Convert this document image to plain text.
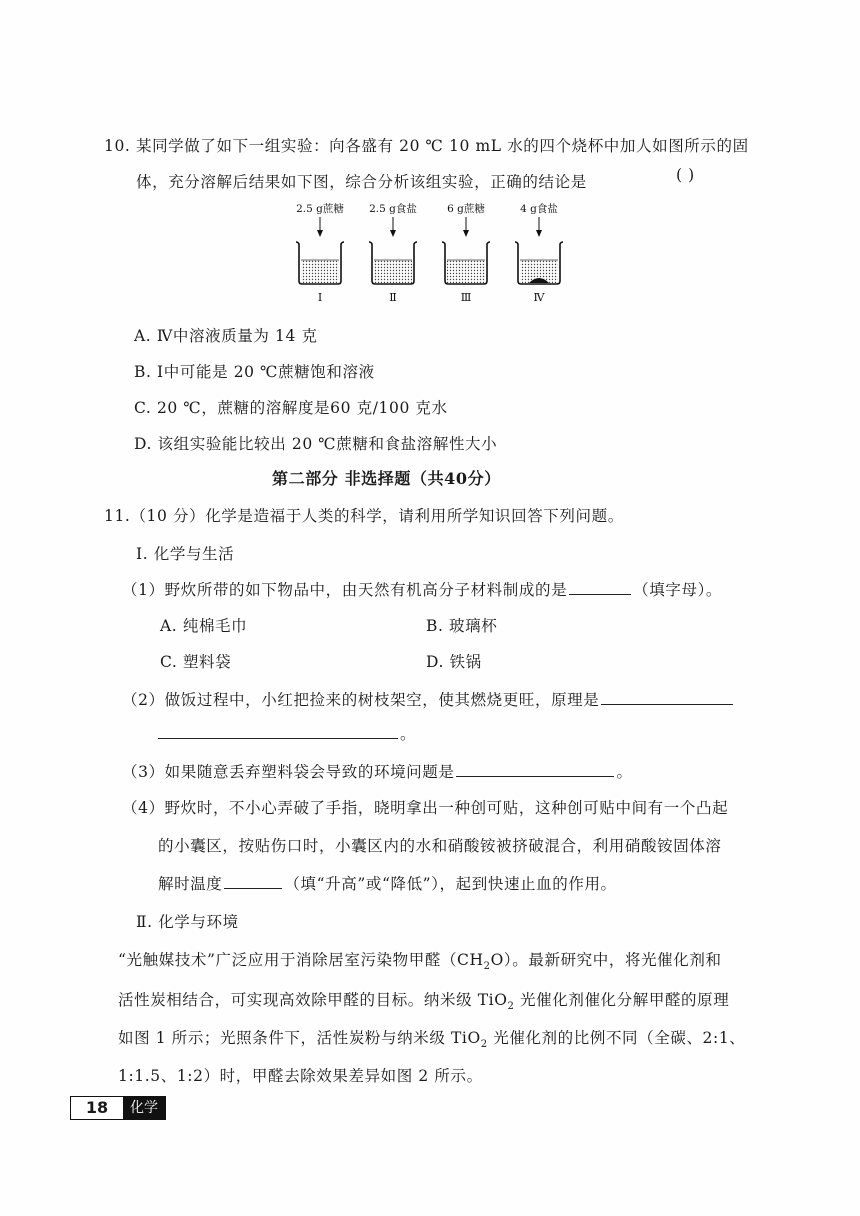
10. 某同学做了如下一组实验：向各盛有 20 ℃ 10 mL 水的四个烧杯中加人如图所示的固
体，充分溶解后结果如下图，综合分析该组实验，正确的结论是	( )
2.5 g蔗糖
Ⅰ
2.5 g食盐
Ⅱ
6 g蔗糖
Ⅲ
4 g食盐
Ⅳ
A. Ⅳ中溶液质量为 14 克
B. Ⅰ中可能是 20 ℃蔗糖饱和溶液
C. 20 ℃，蔗糖的溶解度是60 克/100 克水
D. 该组实验能比较出 20 ℃蔗糖和食盐溶解性大小
第二部分 非选择题（共40分）
11.（10 分）化学是造福于人类的科学，请利用所学知识回答下列问题。
Ⅰ. 化学与生活
（1）野炊所带的如下物品中，由天然有机高分子材料制成的是	（填字母）。
A. 纯棉毛巾	B. 玻璃杯
C. 塑料袋	D. 铁锅
（2）做饭过程中，小红把捡来的树枝架空，使其燃烧更旺，原理是
。
（3）如果随意丢弃塑料袋会导致的环境问题是	。
（4）野炊时，不小心弄破了手指，晓明拿出一种创可贴，这种创可贴中间有一个凸起
的小囊区，按贴伤口时，小囊区内的水和硝酸铵被挤破混合，利用硝酸铵固体溶
解时温度	（填“升高”或“降低”），起到快速止血的作用。
Ⅱ. 化学与环境
“光触媒技术”广泛应用于消除居室污染物甲醛$(CH_2O)$。最新研究中，将光催化剂和
活性炭相结合，可实现高效除甲醛的目标。纳米级 TiO$_2$ 光催化剂催化分解甲醛的原理
如图 1 所示；光照条件下，活性炭粉与纳米级 TiO$_2$ 光催化剂的比例不同（全碳、2:1、
1:1.5、1:2）时，甲醛去除效果差异如图 2 所示。
18	化学
